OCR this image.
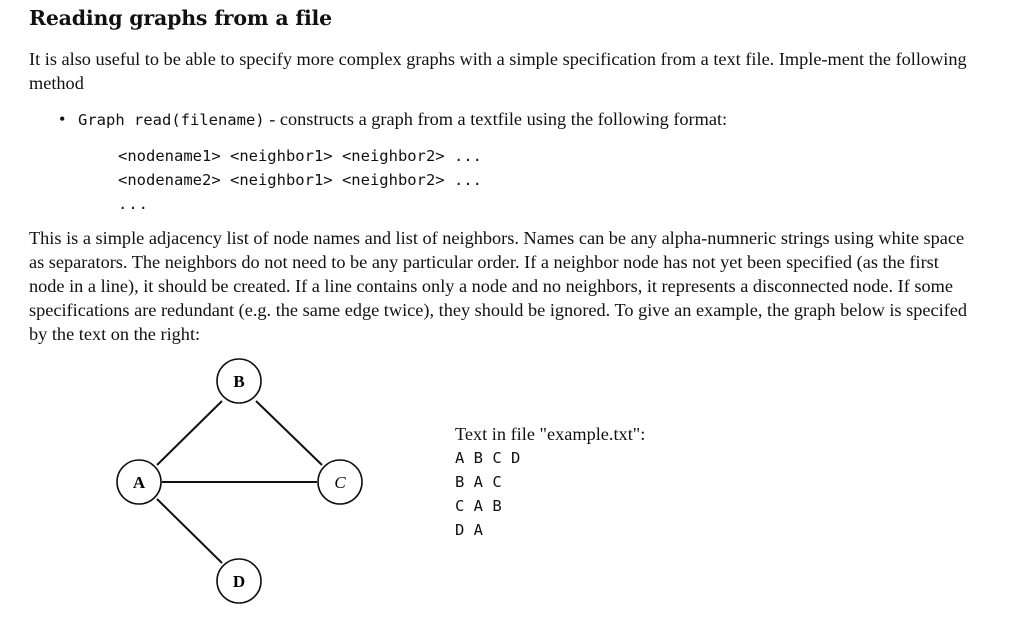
Reading graphs from a file

It is also useful to be able to specify more complex graphs with a simple specification from a text file. Imple-ment the following method

• Graph read(filename) - constructs a graph from a textfile using the following format:
<nodename1> <neighbor1> <neighbor2> ...
<nodename2> <neighbor1> <neighbor2> ...
...

This is a simple adjacency list of node names and list of neighbors. Names can be any alpha-numneric strings using white space as separators. The neighbors do not need to be any particular order. If a neighbor node has not yet been specified (as the first node in a line), it should be created. If a line contains only a node and no neighbors, it represents a disconnected node. If some specifications are redundant (e.g. the same edge twice), they should be ignored. To give an example, the graph below is specifed by the text on the right:

B
A	C
D
Text in file "example.txt":
A B C D
B A C
C A B
D A
